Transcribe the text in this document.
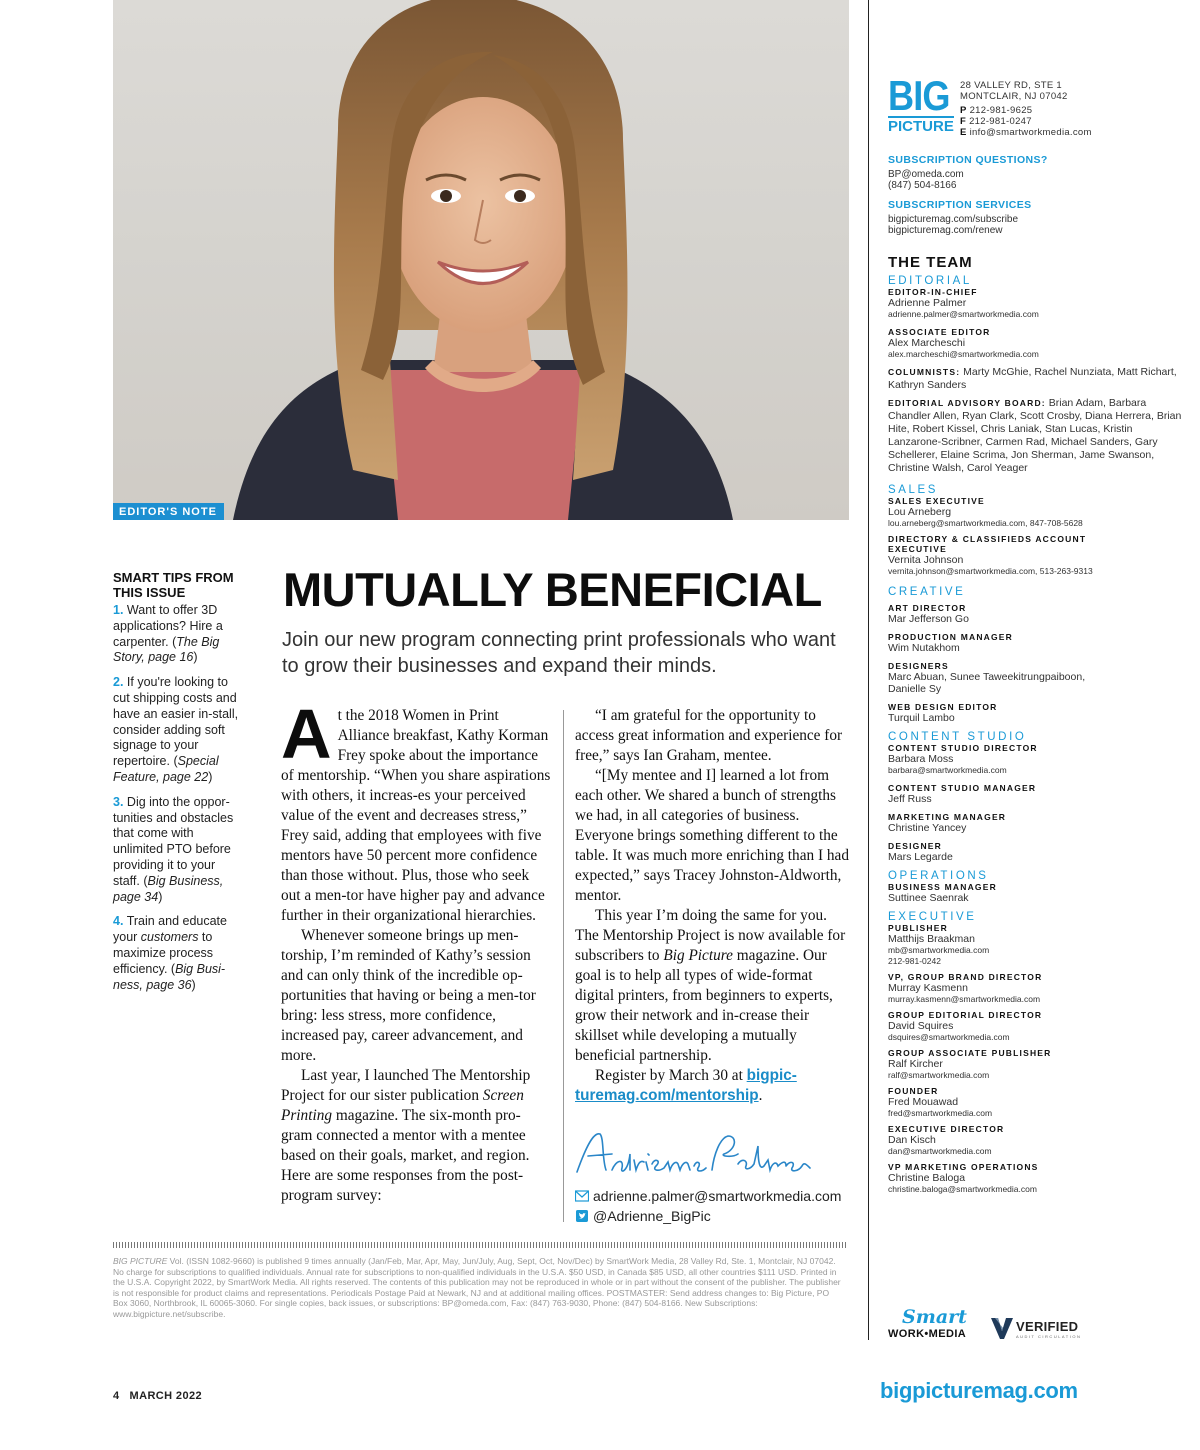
EDITOR'S NOTE
BIG
PICTURE
28 VALLEY RD, STE 1
MONTCLAIR, NJ 07042
P 212-981-9625
F 212-981-0247
E info@smartworkmedia.com
SUBSCRIPTION QUESTIONS?
BP@omeda.com
(847) 504-8166
SUBSCRIPTION SERVICES
bigpicturemag.com/subscribe
bigpicturemag.com/renew
THE TEAM
EDITORIAL
EDITOR-IN-CHIEF
Adrienne Palmer
adrienne.palmer@smartworkmedia.com
ASSOCIATE EDITOR
Alex Marcheschi
alex.marcheschi@smartworkmedia.com
COLUMNISTS: Marty McGhie, Rachel Nunziata, Matt Richart, Kathryn Sanders
EDITORIAL ADVISORY BOARD: Brian Adam, Barbara Chandler Allen, Ryan Clark, Scott Crosby, Diana Herrera, Brian Hite, Robert Kissel, Chris Laniak, Stan Lucas, Kristin Lanzarone-Scribner, Carmen Rad, Michael Sanders, Gary Schellerer, Elaine Scrima, Jon Sherman, Jame Swanson, Christine Walsh, Carol Yeager
SALES
SALES EXECUTIVE
Lou Arneberg
lou.arneberg@smartworkmedia.com, 847-708-5628
DIRECTORY & CLASSIFIEDS ACCOUNT EXECUTIVE
Vernita Johnson
vernita.johnson@smartworkmedia.com, 513-263-9313
CREATIVE
ART DIRECTOR
Mar Jefferson Go
PRODUCTION MANAGER
Wim Nutakhom
DESIGNERS
Marc Abuan, Sunee Taweekitrungpaiboon, Danielle Sy
WEB DESIGN EDITOR
Turquil Lambo
CONTENT STUDIO
CONTENT STUDIO DIRECTOR
Barbara Moss
barbara@smartworkmedia.com
CONTENT STUDIO MANAGER
Jeff Russ
MARKETING MANAGER
Christine Yancey
DESIGNER
Mars Legarde
OPERATIONS
BUSINESS MANAGER
Suttinee Saenrak
EXECUTIVE
PUBLISHER
Matthijs Braakman
mb@smartworkmedia.com
212-981-0242
VP, GROUP BRAND DIRECTOR
Murray Kasmenn
murray.kasmenn@smartworkmedia.com
GROUP EDITORIAL DIRECTOR
David Squires
dsquires@smartworkmedia.com
GROUP ASSOCIATE PUBLISHER
Ralf Kircher
ralf@smartworkmedia.com
FOUNDER
Fred Mouawad
fred@smartworkmedia.com
EXECUTIVE DIRECTOR
Dan Kisch
dan@smartworkmedia.com
VP MARKETING OPERATIONS
Christine Baloga
christine.baloga@smartworkmedia.com
SMART TIPS FROM THIS ISSUE
1. Want to offer 3D applications? Hire a carpenter. (The Big Story, page 16)
2. If you're looking to cut shipping costs and have an easier in-stall, consider adding soft signage to your repertoire. (Special Feature, page 22)
3. Dig into the oppor-tunities and obstacles that come with unlimited PTO before providing it to your staff. (Big Business, page 34)
4. Train and educate your customers to maximize process efficiency. (Big Busi-ness, page 36)
MUTUALLY BENEFICIAL
Join our new program connecting print professionals who want to grow their businesses and expand their minds.

At the 2018 Women in Print Alliance breakfast, Kathy Korman Frey spoke about the importance of mentorship. “When you share aspirations with others, it increas-es your perceived value of the event and decreases stress,” Frey said, adding that employees with five mentors have 50 percent more confidence than those without. Plus, those who seek out a men-tor have higher pay and advance further in their organizational hierarchies.

Whenever someone brings up men-torship, I’m reminded of Kathy’s session and can only think of the incredible op-portunities that having or being a men-tor bring: less stress, more confidence, increased pay, career advancement, and more.

Last year, I launched The Mentorship Project for our sister publication Screen Printing magazine. The six-month pro-gram connected a mentor with a mentee based on their goals, market, and region. Here are some responses from the post-program survey:

“I am grateful for the opportunity to access great information and experience for free,” says Ian Graham, mentee.

“[My mentee and I] learned a lot from each other. We shared a bunch of strengths we had, in all categories of business. Everyone brings something different to the table. It was much more enriching than I had expected,” says Tracey Johnston-Aldworth, mentor.

This year I’m doing the same for you. The Mentorship Project is now available for subscribers to Big Picture magazine. Our goal is to help all types of wide-format digital printers, from beginners to experts, grow their network and in-crease their skillset while developing a mutually beneficial partnership.

Register by March 30 at bigpic-turemag.com/mentorship.

adrienne.palmer@smartworkmedia.com
@Adrienne_BigPic
BIG PICTURE Vol. (ISSN 1082-9660) is published 9 times annually (Jan/Feb, Mar, Apr, May, Jun/July, Aug, Sept, Oct, Nov/Dec) by SmartWork Media, 28 Valley Rd, Ste. 1, Montclair, NJ 07042. No charge for subscriptions to qualified individuals. Annual rate for subscriptions to non-qualified individuals in the U.S.A. $50 USD, in Canada $85 USD, all other countries $111 USD. Printed in the U.S.A. Copyright 2022, by SmartWork Media. All rights reserved. The contents of this publication may not be reproduced in whole or in part without the consent of the publisher. The publisher is not responsible for product claims and representations. Periodicals Postage Paid at Newark, NJ and at additional mailing offices. POSTMASTER: Send address changes to: Big Picture, PO Box 3060, Northbrook, IL 60065-3060. For single copies, back issues, or subscriptions: BP@omeda.com, Fax: (847) 763-9030, Phone: (847) 504-8166. New Subscriptions: www.bigpicture.net/subscribe.	Smart
WORK•MEDIA	VERIFIED
AUDIT CIRCULATION
4 MARCH 2022	bigpicturemag.com
